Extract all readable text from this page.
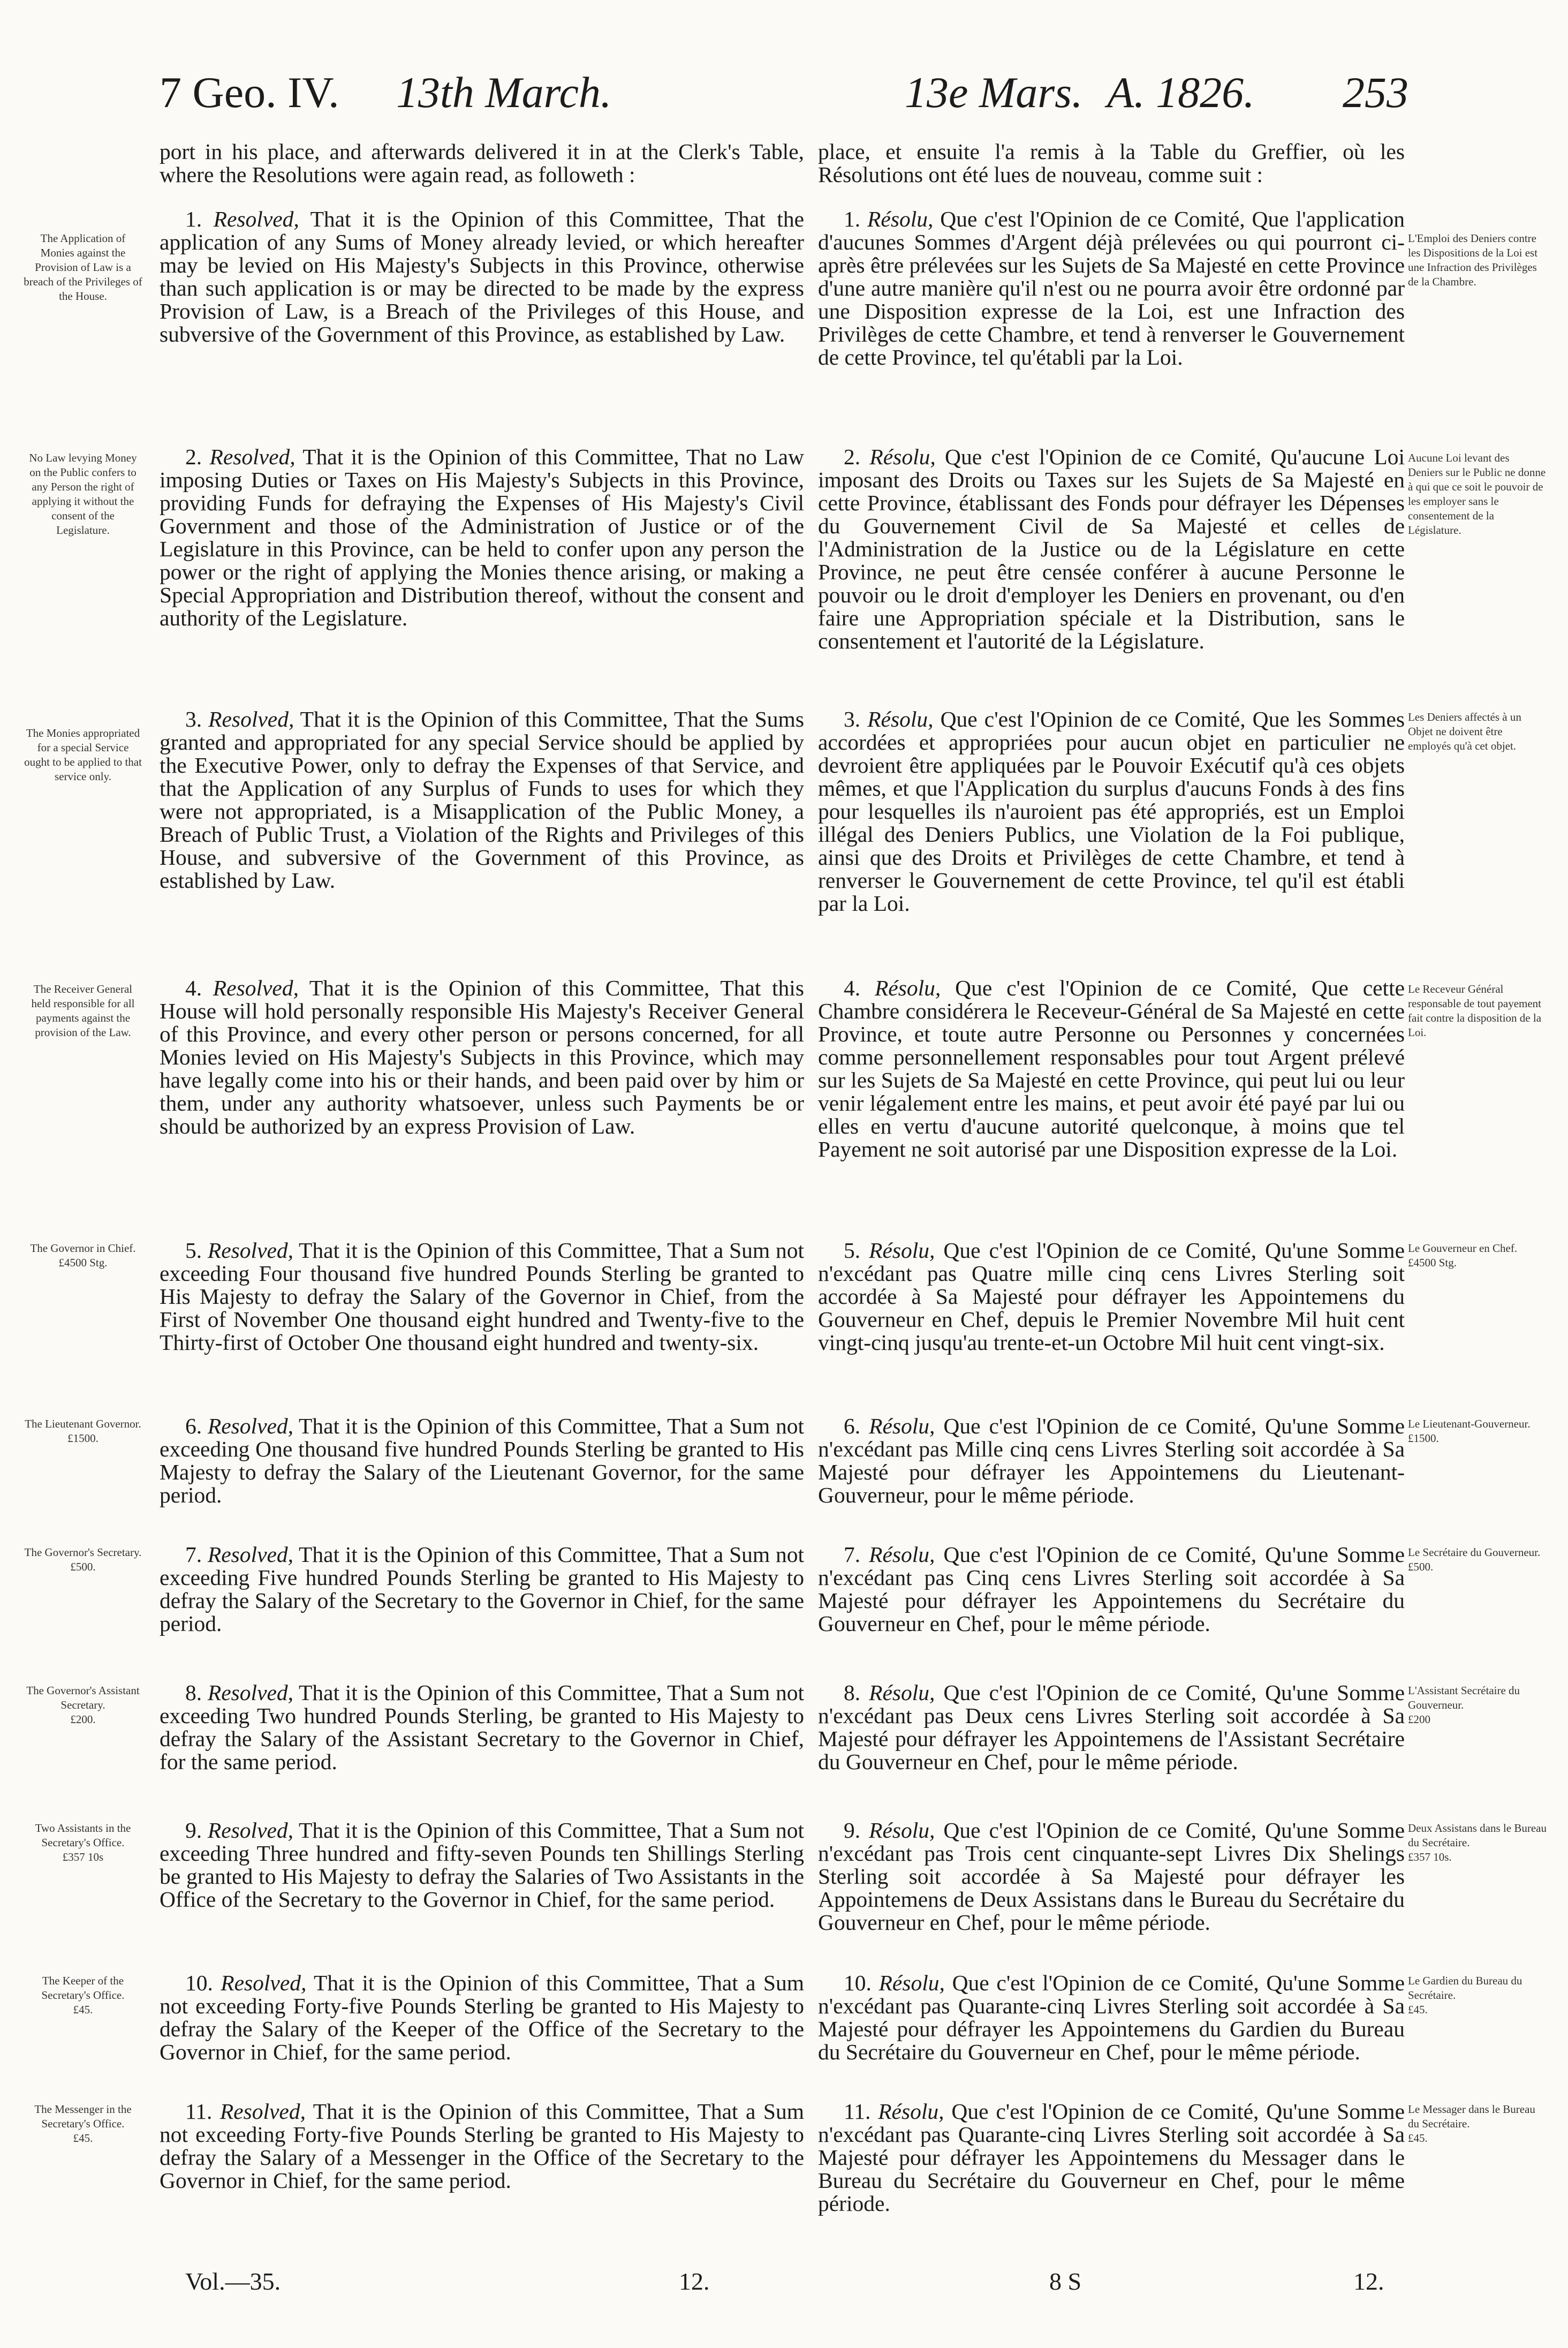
7 Geo. IV. 13th March.	13e Mars. A. 1826. 253

port in his place, and afterwards delivered it in at the Clerk's Table, where the Resolutions were again read, as followeth :

place, et ensuite l'a remis à la Table du Greffier, où les Résolutions ont été lues de nouveau, comme suit :

The Application of Monies against the Provision of Law is a breach of the Privileges of the House.

1. Resolved, That it is the Opinion of this Committee, That the application of any Sums of Money already levied, or which hereafter may be levied on His Majesty's Subjects in this Province, otherwise than such application is or may be directed to be made by the express Provision of Law, is a Breach of the Privileges of this House, and subversive of the Government of this Province, as established by Law.

1. Résolu, Que c'est l'Opinion de ce Comité, Que l'application d'aucunes Sommes d'Argent déjà prélevées ou qui pourront ci-après être prélevées sur les Sujets de Sa Majesté en cette Province d'une autre manière qu'il n'est ou ne pourra avoir être ordonné par une Disposition expresse de la Loi, est une Infraction des Privilèges de cette Chambre, et tend à renverser le Gouvernement de cette Province, tel qu'établi par la Loi.

L'Emploi des Deniers contre les Dispositions de la Loi est une Infraction des Privilèges de la Chambre.
No Law levying Money on the Public confers to any Person the right of applying it without the consent of the Legislature.

2. Resolved, That it is the Opinion of this Committee, That no Law imposing Duties or Taxes on His Majesty's Subjects in this Province, providing Funds for defraying the Expenses of His Majesty's Civil Government and those of the Administration of Justice or of the Legislature in this Province, can be held to confer upon any person the power or the right of applying the Monies thence arising, or making a Special Appropriation and Distribution thereof, without the consent and authority of the Legislature.

2. Résolu, Que c'est l'Opinion de ce Comité, Qu'aucune Loi imposant des Droits ou Taxes sur les Sujets de Sa Majesté en cette Province, établissant des Fonds pour défrayer les Dépenses du Gouvernement Civil de Sa Majesté et celles de l'Administration de la Justice ou de la Législature en cette Province, ne peut être censée conférer à aucune Personne le pouvoir ou le droit d'employer les Deniers en provenant, ou d'en faire une Appropriation spéciale et la Distribution, sans le consentement et l'autorité de la Législature.

Aucune Loi levant des Deniers sur le Public ne donne à qui que ce soit le pouvoir de les employer sans le consentement de la Législature.
The Monies appropriated for a special Service ought to be applied to that service only.

3. Resolved, That it is the Opinion of this Committee, That the Sums granted and appropriated for any special Service should be applied by the Executive Power, only to defray the Expenses of that Service, and that the Application of any Surplus of Funds to uses for which they were not appropriated, is a Misapplication of the Public Money, a Breach of Public Trust, a Violation of the Rights and Privileges of this House, and subversive of the Government of this Province, as established by Law.

3. Résolu, Que c'est l'Opinion de ce Comité, Que les Sommes accordées et appropriées pour aucun objet en particulier ne devroient être appliquées par le Pouvoir Exécutif qu'à ces objets mêmes, et que l'Application du surplus d'aucuns Fonds à des fins pour lesquelles ils n'auroient pas été appropriés, est un Emploi illégal des Deniers Publics, une Violation de la Foi publique, ainsi que des Droits et Privilèges de cette Chambre, et tend à renverser le Gouvernement de cette Province, tel qu'il est établi par la Loi.

Les Deniers affectés à un Objet ne doivent être employés qu'à cet objet.
The Receiver General held responsible for all payments against the provision of the Law.

4. Resolved, That it is the Opinion of this Committee, That this House will hold personally responsible His Majesty's Receiver General of this Province, and every other person or persons concerned, for all Monies levied on His Majesty's Subjects in this Province, which may have legally come into his or their hands, and been paid over by him or them, under any authority whatsoever, unless such Payments be or should be authorized by an express Provision of Law.

4. Résolu, Que c'est l'Opinion de ce Comité, Que cette Chambre considérera le Receveur-Général de Sa Majesté en cette Province, et toute autre Personne ou Personnes y concernées comme personnellement responsables pour tout Argent prélevé sur les Sujets de Sa Majesté en cette Province, qui peut lui ou leur venir légalement entre les mains, et peut avoir été payé par lui ou elles en vertu d'aucune autorité quelconque, à moins que tel Payement ne soit autorisé par une Disposition expresse de la Loi.

Le Receveur Général responsable de tout payement fait contre la disposition de la Loi.
The Governor in Chief.
£4500 Stg.	5. Resolved, That it is the Opinion of this Committee, That a Sum not exceeding Four thousand five hundred Pounds Sterling be granted to His Majesty to defray the Salary of the Governor in Chief, from the First of November One thousand eight hundred and Twenty-five to the Thirty-first of October One thousand eight hundred and twenty-six.

5. Résolu, Que c'est l'Opinion de ce Comité, Qu'une Somme n'excédant pas Quatre mille cinq cens Livres Sterling soit accordée à Sa Majesté pour défrayer les Appointemens du Gouverneur en Chef, depuis le Premier Novembre Mil huit cent vingt-cinq jusqu'au trente-et-un Octobre Mil huit cent vingt-six.

Le Gouverneur en Chef.
£4500 Stg.
The Lieutenant Governor.
£1500.	6. Resolved, That it is the Opinion of this Committee, That a Sum not exceeding One thousand five hundred Pounds Sterling be granted to His Majesty to defray the Salary of the Lieutenant Governor, for the same period.

6. Résolu, Que c'est l'Opinion de ce Comité, Qu'une Somme n'excédant pas Mille cinq cens Livres Sterling soit accordée à Sa Majesté pour défrayer les Appointemens du Lieutenant-Gouverneur, pour le même période.

Le Lieutenant-Gouverneur.
£1500.
The Governor's Secretary.
£500.	7. Resolved, That it is the Opinion of this Committee, That a Sum not exceeding Five hundred Pounds Sterling be granted to His Majesty to defray the Salary of the Secretary to the Governor in Chief, for the same period.

7. Résolu, Que c'est l'Opinion de ce Comité, Qu'une Somme n'excédant pas Cinq cens Livres Sterling soit accordée à Sa Majesté pour défrayer les Appointemens du Secrétaire du Gouverneur en Chef, pour le même période.

Le Secrétaire du Gouverneur.
£500.
The Governor's Assistant Secretary.
£200.

8. Resolved, That it is the Opinion of this Committee, That a Sum not exceeding Two hundred Pounds Sterling, be granted to His Majesty to defray the Salary of the Assistant Secretary to the Governor in Chief, for the same period.

8. Résolu, Que c'est l'Opinion de ce Comité, Qu'une Somme n'excédant pas Deux cens Livres Sterling soit accordée à Sa Majesté pour défrayer les Appointemens de l'Assistant Secrétaire du Gouverneur en Chef, pour le même période.

L'Assistant Secrétaire du Gouverneur.
£200
Two Assistants in the Secretary's Office.
£357 10s

9. Resolved, That it is the Opinion of this Committee, That a Sum not exceeding Three hundred and fifty-seven Pounds ten Shillings Sterling be granted to His Majesty to defray the Salaries of Two Assistants in the Office of the Secretary to the Governor in Chief, for the same period.

9. Résolu, Que c'est l'Opinion de ce Comité, Qu'une Somme n'excédant pas Trois cent cinquante-sept Livres Dix Shelings Sterling soit accordée à Sa Majesté pour défrayer les Appointemens de Deux Assistans dans le Bureau du Secrétaire du Gouverneur en Chef, pour le même période.

Deux Assistans dans le Bureau du Secrétaire.
£357 10s.
The Keeper of the Secretary's Office.
£45.

10. Resolved, That it is the Opinion of this Committee, That a Sum not exceeding Forty-five Pounds Sterling be granted to His Majesty to defray the Salary of the Keeper of the Office of the Secretary to the Governor in Chief, for the same period.

10. Résolu, Que c'est l'Opinion de ce Comité, Qu'une Somme n'excédant pas Quarante-cinq Livres Sterling soit accordée à Sa Majesté pour défrayer les Appointemens du Gardien du Bureau du Secrétaire du Gouverneur en Chef, pour le même période.

Le Gardien du Bureau du Secrétaire.
£45.
The Messenger in the Secretary's Office.
£45.

11. Resolved, That it is the Opinion of this Committee, That a Sum not exceeding Forty-five Pounds Sterling be granted to His Majesty to defray the Salary of a Messenger in the Office of the Secretary to the Governor in Chief, for the same period.

11. Résolu, Que c'est l'Opinion de ce Comité, Qu'une Somme n'excédant pas Quarante-cinq Livres Sterling soit accordée à Sa Majesté pour défrayer les Appointemens du Messager dans le Bureau du Secrétaire du Gouverneur en Chef, pour le même période.

Le Messager dans le Bureau du Secrétaire.
£45.
Vol.—35.	12.	8 S	12.
